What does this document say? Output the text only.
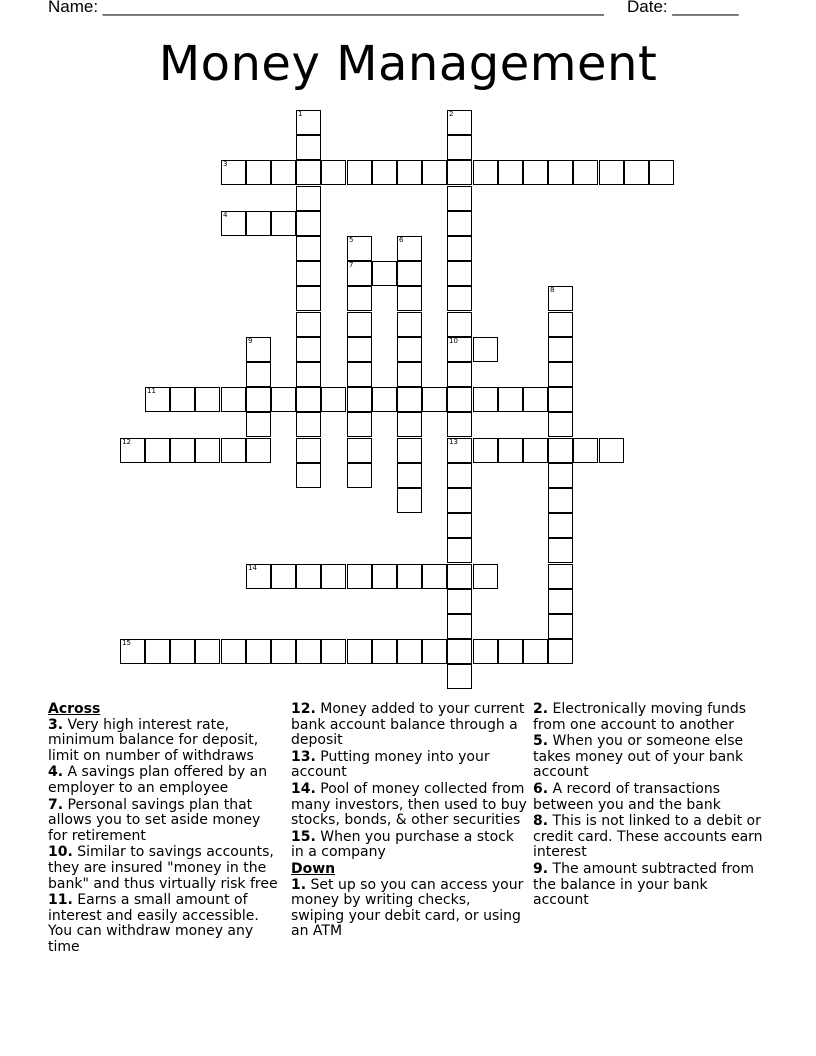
Name: _____________________________________________________ Date: _______
Money Management
1	2
10
13
3
4
5
7
6
8
9
11
12
14
15
Across
3. Very high interest rate, minimum balance for deposit, limit on number of withdraws
4. A savings plan offered by an employer to an employee
7. Personal savings plan that allows you to set aside money for retirement
10. Similar to savings accounts, they are insured "money in the bank" and thus virtually risk free
11. Earns a small amount of interest and easily accessible. You can withdraw money any time
12. Money added to your current bank account balance through a deposit
13. Putting money into your account
14. Pool of money collected from many investors, then used to buy stocks, bonds, & other securities
15. When you purchase a stock in a company
Down
1. Set up so you can access your money by writing checks, swiping your debit card, or using an ATM
2. Electronically moving funds from one account to another
5. When you or someone else takes money out of your bank account
6. A record of transactions between you and the bank
8. This is not linked to a debit or credit card. These accounts earn interest
9. The amount subtracted from the balance in your bank account
